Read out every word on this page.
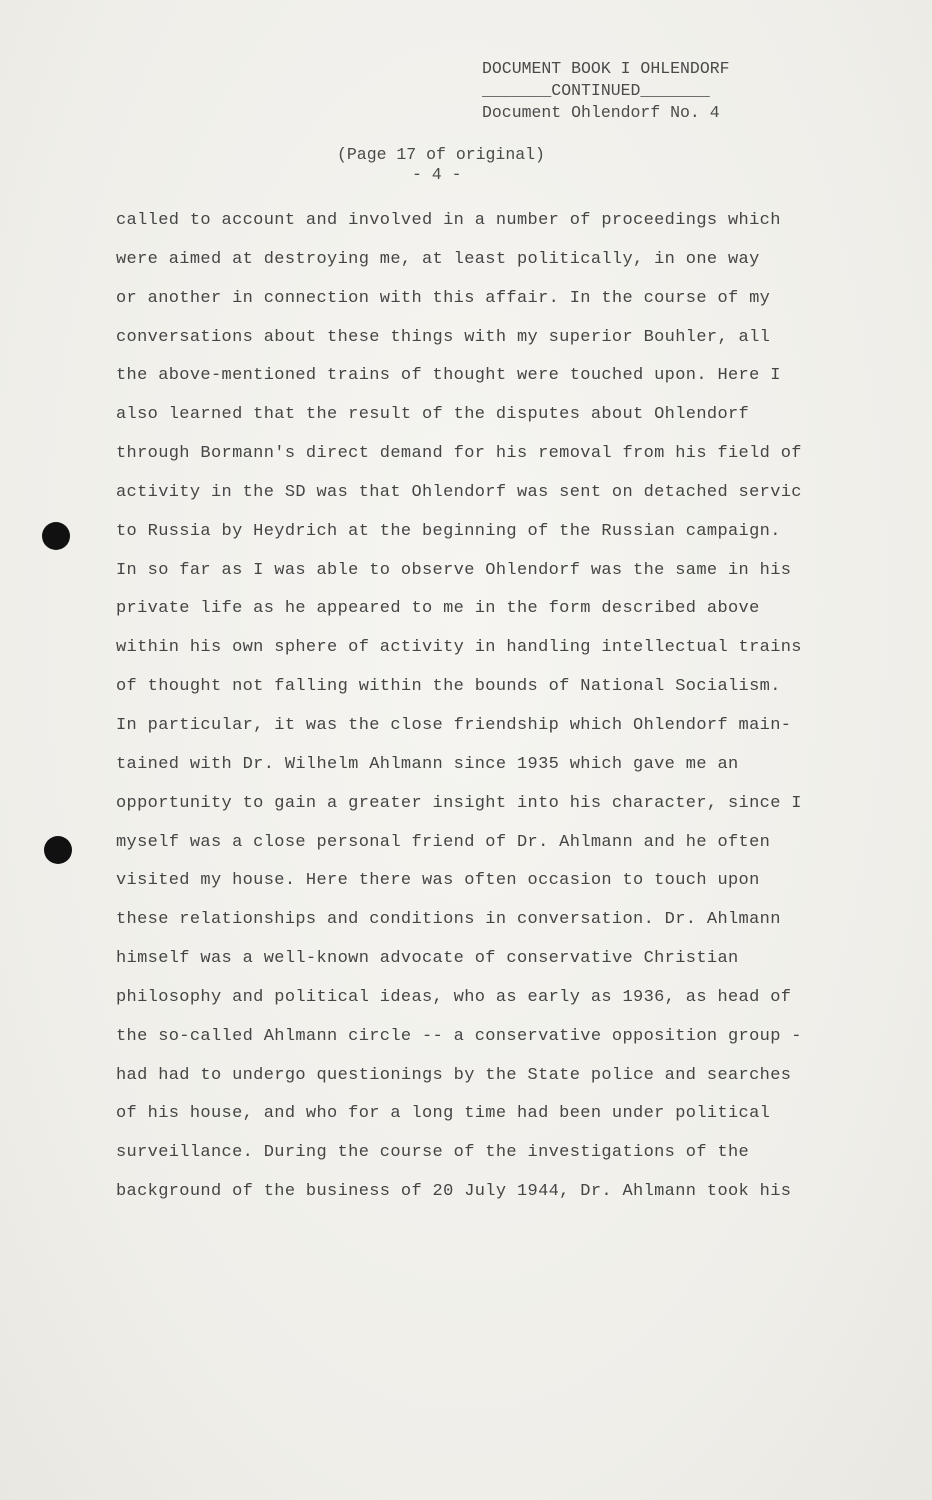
DOCUMENT BOOK I OHLENDORF
_______CONTINUED_______
Document Ohlendorf No. 4
(Page 17 of original)
- 4 -
called to account and involved in a number of proceedings which
were aimed at destroying me, at least politically, in one way
or another in connection with this affair. In the course of my
conversations about these things with my superior Bouhler, all
the above-mentioned trains of thought were touched upon. Here I
also learned that the result of the disputes about Ohlendorf
through Bormann's direct demand for his removal from his field of
activity in the SD was that Ohlendorf was sent on detached servic
to Russia by Heydrich at the beginning of the Russian campaign.
In so far as I was able to observe Ohlendorf was the same in his
private life as he appeared to me in the form described above
within his own sphere of activity in handling intellectual trains
of thought not falling within the bounds of National Socialism.
In particular, it was the close friendship which Ohlendorf main-
tained with Dr. Wilhelm Ahlmann since 1935 which gave me an
opportunity to gain a greater insight into his character, since I
myself was a close personal friend of Dr. Ahlmann and he often
visited my house. Here there was often occasion to touch upon
these relationships and conditions in conversation. Dr. Ahlmann
himself was a well-known advocate of conservative Christian
philosophy and political ideas, who as early as 1936, as head of
the so-called Ahlmann circle -- a conservative opposition group -
had had to undergo questionings by the State police and searches
of his house, and who for a long time had been under political
surveillance. During the course of the investigations of the
background of the business of 20 July 1944, Dr. Ahlmann took his
